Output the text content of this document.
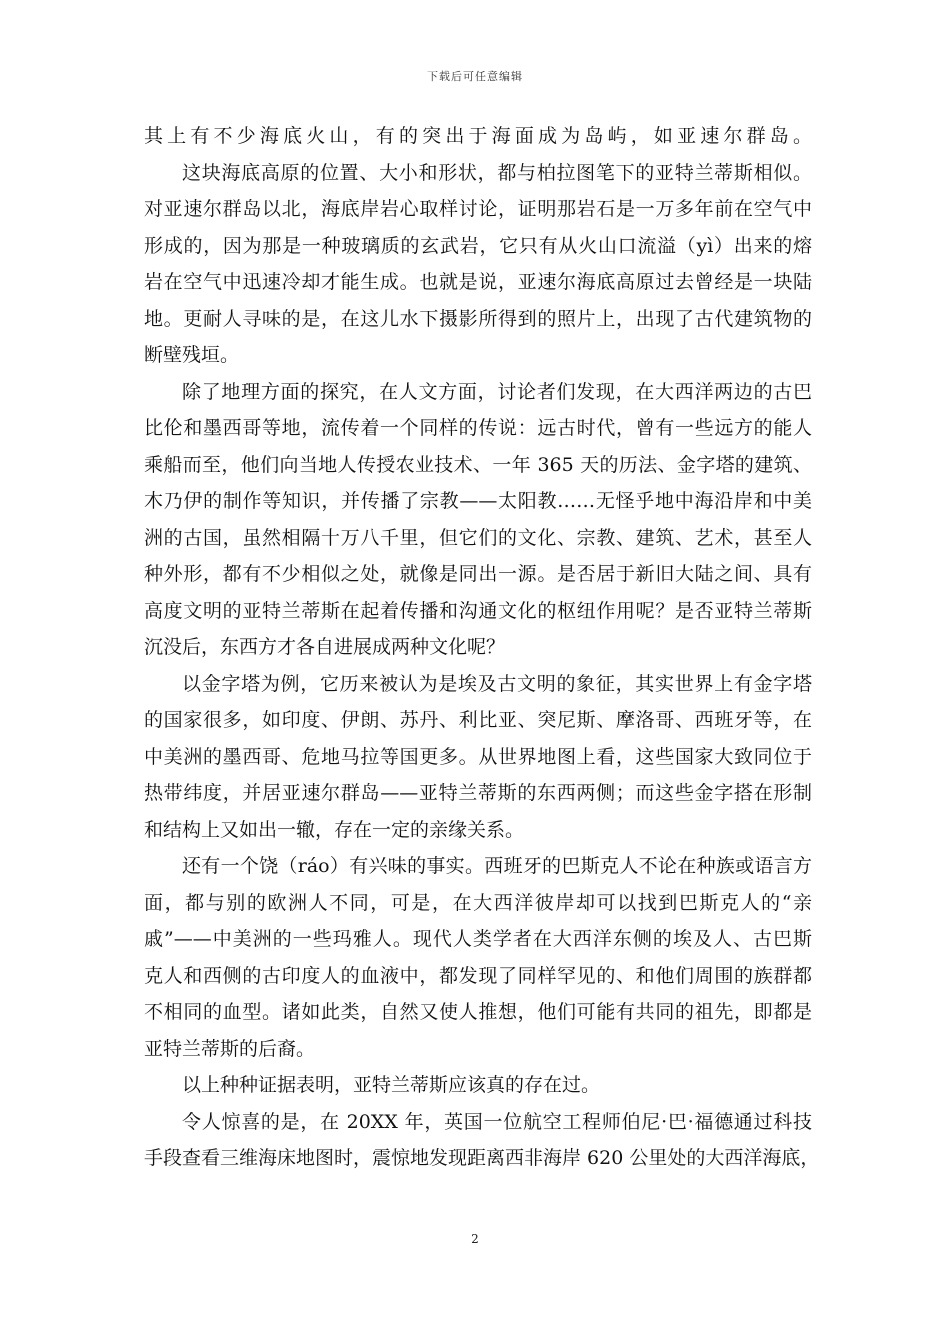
下载后可任意编辑
其上有不少海底火山，有的突出于海面成为岛屿，如亚速尔群岛。
这块海底高原的位置、大小和形状，都与柏拉图笔下的亚特兰蒂斯相似。
对亚速尔群岛以北，海底岸岩心取样讨论，证明那岩石是一万多年前在空气中
形成的，因为那是一种玻璃质的玄武岩，它只有从火山口流溢（yì）出来的熔
岩在空气中迅速冷却才能生成。也就是说，亚速尔海底高原过去曾经是一块陆
地。更耐人寻味的是，在这儿水下摄影所得到的照片上，出现了古代建筑物的
断壁残垣。
除了地理方面的探究，在人文方面，讨论者们发现，在大西洋两边的古巴
比伦和墨西哥等地，流传着一个同样的传说：远古时代，曾有一些远方的能人
乘船而至，他们向当地人传授农业技术、一年 365 天的历法、金字塔的建筑、
木乃伊的制作等知识，并传播了宗教——太阳教……无怪乎地中海沿岸和中美
洲的古国，虽然相隔十万八千里，但它们的文化、宗教、建筑、艺术，甚至人
种外形，都有不少相似之处，就像是同出一源。是否居于新旧大陆之间、具有
高度文明的亚特兰蒂斯在起着传播和沟通文化的枢纽作用呢？是否亚特兰蒂斯
沉没后，东西方才各自进展成两种文化呢？
以金字塔为例，它历来被认为是埃及古文明的象征，其实世界上有金字塔
的国家很多，如印度、伊朗、苏丹、利比亚、突尼斯、摩洛哥、西班牙等，在
中美洲的墨西哥、危地马拉等国更多。从世界地图上看，这些国家大致同位于
热带纬度，并居亚速尔群岛——亚特兰蒂斯的东西两侧；而这些金字搭在形制
和结构上又如出一辙，存在一定的亲缘关系。
还有一个饶（ráo）有兴味的事实。西班牙的巴斯克人不论在种族或语言方
面，都与别的欧洲人不同，可是，在大西洋彼岸却可以找到巴斯克人的“亲
戚”——中美洲的一些玛雅人。现代人类学者在大西洋东侧的埃及人、古巴斯
克人和西侧的古印度人的血液中，都发现了同样罕见的、和他们周围的族群都
不相同的血型。诸如此类，自然又使人推想，他们可能有共同的祖先，即都是
亚特兰蒂斯的后裔。
以上种种证据表明，亚特兰蒂斯应该真的存在过。
令人惊喜的是，在 20XX 年，英国一位航空工程师伯尼·巴·福德通过科技
手段查看三维海床地图时，震惊地发现距离西非海岸 620 公里处的大西洋海底，
2
